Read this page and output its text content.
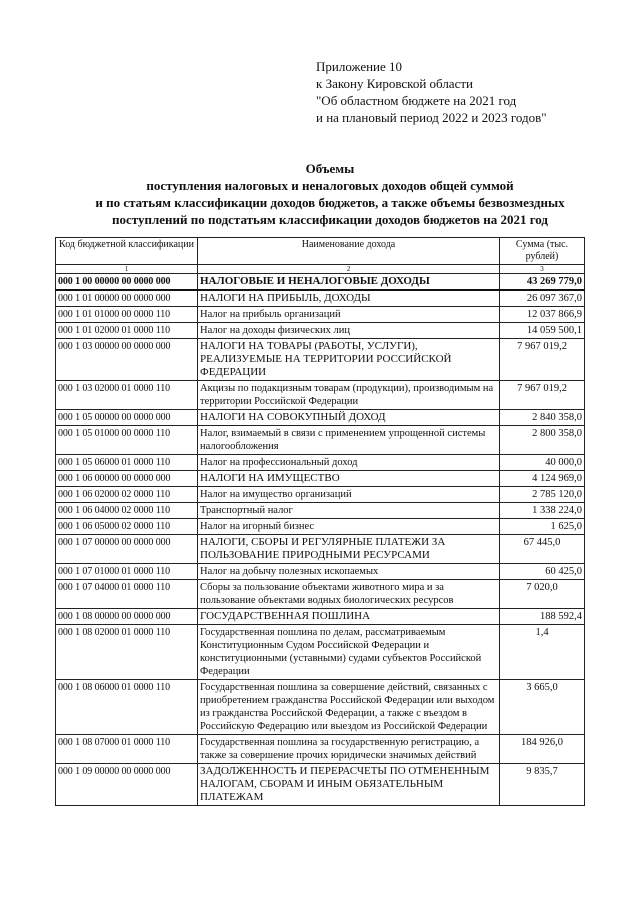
Приложение 10
к Закону Кировской области
"Об областном бюджете на 2021 год
и на плановый период 2022 и 2023 годов"
Объемы
поступления налоговых и неналоговых доходов общей суммой
и по статьям классификации доходов бюджетов, а также объемы безвозмездных
поступлений по подстатьям классификации доходов бюджетов на 2021 год
Код бюджетной классификации	Наименование дохода	Сумма (тыс. рублей)
1	2	3
000 1 00 00000 00 0000 000	НАЛОГОВЫЕ И НЕНАЛОГОВЫЕ ДОХОДЫ	43 269 779,0
000 1 01 00000 00 0000 000	НАЛОГИ НА ПРИБЫЛЬ, ДОХОДЫ	26 097 367,0
000 1 01 01000 00 0000 110	Налог на прибыль организаций	12 037 866,9
000 1 01 02000 01 0000 110	Налог на доходы физических лиц	14 059 500,1
000 1 03 00000 00 0000 000	НАЛОГИ НА ТОВАРЫ (РАБОТЫ, УСЛУГИ), РЕАЛИЗУЕМЫЕ НА ТЕРРИТОРИИ РОССИЙСКОЙ ФЕДЕРАЦИИ	7 967 019,2
000 1 03 02000 01 0000 110	Акцизы по подакцизным товарам (продукции), производимым на территории Российской Федерации	7 967 019,2
000 1 05 00000 00 0000 000	НАЛОГИ НА СОВОКУПНЫЙ ДОХОД	2 840 358,0
000 1 05 01000 00 0000 110	Налог, взимаемый в связи с применением упрощенной системы налогообложения	2 800 358,0
000 1 05 06000 01 0000 110	Налог на профессиональный доход	40 000,0
000 1 06 00000 00 0000 000	НАЛОГИ НА ИМУЩЕСТВО	4 124 969,0
000 1 06 02000 02 0000 110	Налог на имущество организаций	2 785 120,0
000 1 06 04000 02 0000 110	Транспортный налог	1 338 224,0
000 1 06 05000 02 0000 110	Налог на игорный бизнес	1 625,0
000 1 07 00000 00 0000 000	НАЛОГИ, СБОРЫ И РЕГУЛЯРНЫЕ ПЛАТЕЖИ ЗА ПОЛЬЗОВАНИЕ ПРИРОДНЫМИ РЕСУРСАМИ	67 445,0
000 1 07 01000 01 0000 110	Налог на добычу полезных ископаемых	60 425,0
000 1 07 04000 01 0000 110	Сборы за пользование объектами животного мира и за пользование объектами водных биологических ресурсов	7 020,0
000 1 08 00000 00 0000 000	ГОСУДАРСТВЕННАЯ ПОШЛИНА	188 592,4
000 1 08 02000 01 0000 110	Государственная пошлина по делам, рассматриваемым Конституционным Судом Российской Федерации и конституционными (уставными) судами субъектов Российской Федерации	1,4
000 1 08 06000 01 0000 110	Государственная пошлина за совершение действий, связанных с приобретением гражданства Российской Федерации или выходом из гражданства Российской Федерации, а также с въездом в Российскую Федерацию или выездом из Российской Федерации	3 665,0
000 1 08 07000 01 0000 110	Государственная пошлина за государственную регистрацию, а также за совершение прочих юридически значимых действий	184 926,0
000 1 09 00000 00 0000 000	ЗАДОЛЖЕННОСТЬ И ПЕРЕРАСЧЕТЫ ПО ОТМЕНЕННЫМ НАЛОГАМ, СБОРАМ И ИНЫМ ОБЯЗАТЕЛЬНЫМ ПЛАТЕЖАМ	9 835,7
